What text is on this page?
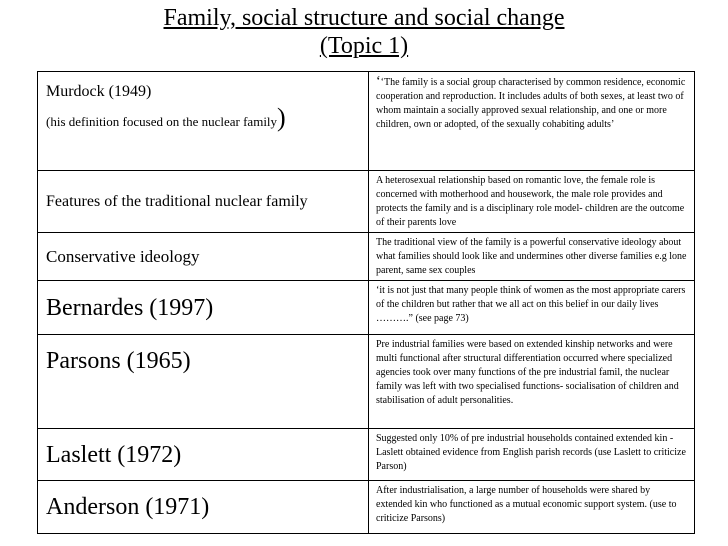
Family, social structure and social change
(Topic 1)
Murdock (1949)
(his definition focused on the nuclear family)
‘‘The family is a social group characterised by common residence, economic cooperation and reproduction. It includes adults of both sexes, at least two of whom maintain a socially approved sexual relationship, and one or more children, own or adopted, of the sexually cohabiting adults’
Features of the traditional nuclear family
A heterosexual relationship based on romantic love, the female role is concerned with motherhood and housework, the male role provides and protects the family and is a disciplinary role model- children are the outcome of their parents love
Conservative ideology
The traditional view of the family is a powerful conservative ideology about what families should look like and undermines other diverse families e.g lone parent, same sex couples
Bernardes (1997)
‘it is not just that many people think of women as the most appropriate carers of the children but rather that we all act on this belief in our daily lives ……….” (see page 73)
Parsons (1965)
Pre industrial families were based on extended kinship networks and were multi functional after structural differentiation occurred where specialized agencies took over many functions of the pre industrial famil, the nuclear family was left with two specialised functions- socialisation of children and stabilisation of adult personalities.
Laslett (1972)
Suggested only 10% of pre industrial households contained extended kin -Laslett obtained evidence from English parish records (use Laslett to criticize Parson)
Anderson (1971)
After industrialisation, a large number of households were shared by extended kin who functioned as a mutual economic support system. (use to criticize Parsons)
